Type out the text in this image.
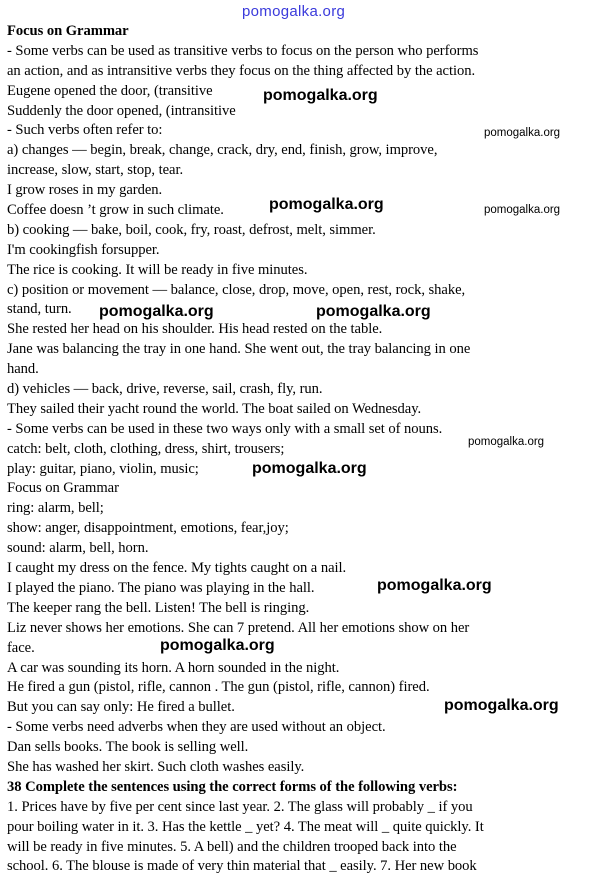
pomogalka.org
Focus on Grammar
- Some verbs can be used as transitive verbs to focus on the person who performs
an action, and as intransitive verbs they focus on the thing affected by the action.
Eugene opened the door, (transitive
Suddenly the door opened, (intransitive
- Such verbs often refer to:
a) changes — begin, break, change, crack, dry, end, finish, grow, improve,
increase, slow, start, stop, tear.
I grow roses in my garden.
Coffee doesn ’t grow in such climate.
b) cooking — bake, boil, cook, fry, roast, defrost, melt, simmer.
I'm cookingfish forsupper.
The rice is cooking. It will be ready in five minutes.
c) position or movement — balance, close, drop, move, open, rest, rock, shake,
stand, turn.
She rested her head on his shoulder. His head rested on the table.
Jane was balancing the tray in one hand. She went out, the tray balancing in one
hand.
d) vehicles — back, drive, reverse, sail, crash, fly, run.
They sailed their yacht round the world. The boat sailed on Wednesday.
- Some verbs can be used in these two ways only with a small set of nouns.
catch: belt, cloth, clothing, dress, shirt, trousers;
play: guitar, piano, violin, music;
Focus on Grammar
ring: alarm, bell;
show: anger, disappointment, emotions, fear,joy;
sound: alarm, bell, horn.
I caught my dress on the fence. My tights caught on a nail.
I played the piano. The piano was playing in the hall.
The keeper rang the bell. Listen! The bell is ringing.
Liz never shows her emotions. She can 7 pretend. All her emotions show on her
face.
A car was sounding its horn. A horn sounded in the night.
He fired a gun (pistol, rifle, cannon . The gun (pistol, rifle, cannon) fired.
But you can say only: He fired a bullet.
- Some verbs need adverbs when they are used without an object.
Dan sells books. The book is selling well.
She has washed her skirt. Such cloth washes easily.
38 Complete the sentences using the correct forms of the following verbs:
1. Prices have by five per cent since last year. 2. The glass will probably _ if you
pour boiling water in it. 3. Has the kettle _ yet? 4. The meat will _ quite quickly. It
will be ready in five minutes. 5. A bell) and the children trooped back into the
school. 6. The blouse is made of very thin material that _ easily. 7. Her new book
pomogalka.org
pomogalka.org
pomogalka.org	pomogalka.org
pomogalka.org	pomogalka.org
pomogalka.org
pomogalka.org
pomogalka.org
pomogalka.org
pomogalka.org
